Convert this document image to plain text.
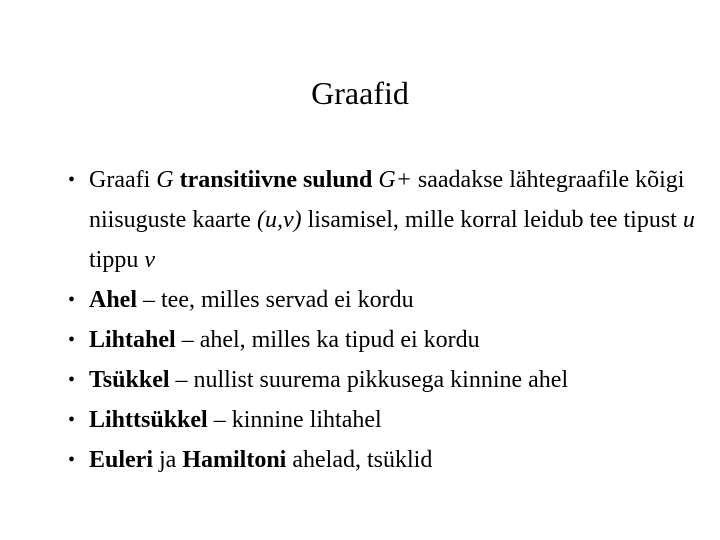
Graafid
• Graafi G transitiivne sulund G+ saadakse lähtegraafile kõigi niisuguste kaarte (u,v) lisamisel, mille korral leidub tee tipust u tippu v
• Ahel – tee, milles servad ei kordu
• Lihtahel – ahel, milles ka tipud ei kordu
• Tsükkel – nullist suurema pikkusega kinnine ahel
• Lihttsükkel – kinnine lihtahel
• Euleri ja Hamiltoni ahelad, tsüklid
